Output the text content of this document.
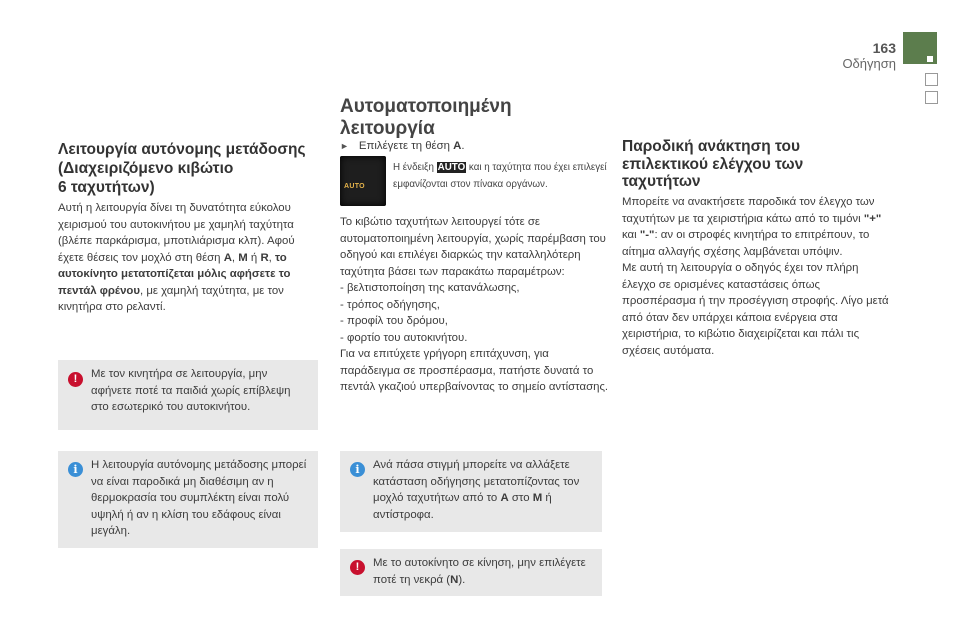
163
Οδήγηση
Αυτοματοποιημένη λειτουργία
Λειτουργία αυτόνομης μετάδοσης
(Διαχειριζόμενο κιβώτιο
6 ταχυτήτων)
Αυτή η λειτουργία δίνει τη δυνατότητα εύκολου χειρισμού του αυτοκινήτου με χαμηλή ταχύτητα (βλέπε παρκάρισμα, μποτιλιάρισμα κλπ). Αφού έχετε θέσεις τον μοχλό στη θέση A, M ή R, το αυτοκίνητο μετατοπίζεται μόλις αφήσετε το πεντάλ φρένου, με χαμηλή ταχύτητα, με τον κινητήρα στο ρελαντί.
!	Με τον κινητήρα σε λειτουργία, μην αφήνετε ποτέ τα παιδιά χωρίς επίβλεψη στο εσωτερικό του αυτοκινήτου.
i	Η λειτουργία αυτόνομης μετάδοσης μπορεί να είναι παροδικά μη διαθέσιμη αν η θερμοκρασία του συμπλέκτη είναι πολύ υψηλή ή αν η κλίση του εδάφους είναι μεγάλη.
► Επιλέγετε τη θέση A.
AUTO
Η ένδειξη AUTO και η ταχύτητα που έχει επιλεγεί εμφανίζονται στον πίνακα οργάνων.
Το κιβώτιο ταχυτήτων λειτουργεί τότε σε αυτοματοποιημένη λειτουργία, χωρίς παρέμβαση του οδηγού και επιλέγει διαρκώς την καταλληλότερη ταχύτητα βάσει των παρακάτω παραμέτρων:
- βελτιστοποίηση της κατανάλωσης,
- τρόπος οδήγησης,
- προφίλ του δρόμου,
- φορτίο του αυτοκινήτου.
Για να επιτύχετε γρήγορη επιτάχυνση, για παράδειγμα σε προσπέρασμα, πατήστε δυνατά το πεντάλ γκαζιού υπερβαίνοντας το σημείο αντίστασης.
i	Ανά πάσα στιγμή μπορείτε να αλλάξετε κατάσταση οδήγησης μετατοπίζοντας τον μοχλό ταχυτήτων από το A στο M ή αντίστροφα.
!	Με το αυτοκίνητο σε κίνηση, μην επιλέγετε ποτέ τη νεκρά (N).
Παροδική ανάκτηση του
επιλεκτικού ελέγχου των
ταχυτήτων
Μπορείτε να ανακτήσετε παροδικά τον έλεγχο των ταχυτήτων με τα χειριστήρια κάτω από το τιμόνι "+" και "-": αν οι στροφές κινητήρα το επιτρέπουν, το αίτημα αλλαγής σχέσης λαμβάνεται υπόψιν.
Με αυτή τη λειτουργία ο οδηγός έχει τον πλήρη έλεγχο σε ορισμένες καταστάσεις όπως προσπέρασμα ή την προσέγγιση στροφής. Λίγο μετά από όταν δεν υπάρχει κάποια ενέργεια στα χειριστήρια, το κιβώτιο διαχειρίζεται και πάλι τις σχέσεις αυτόματα.
